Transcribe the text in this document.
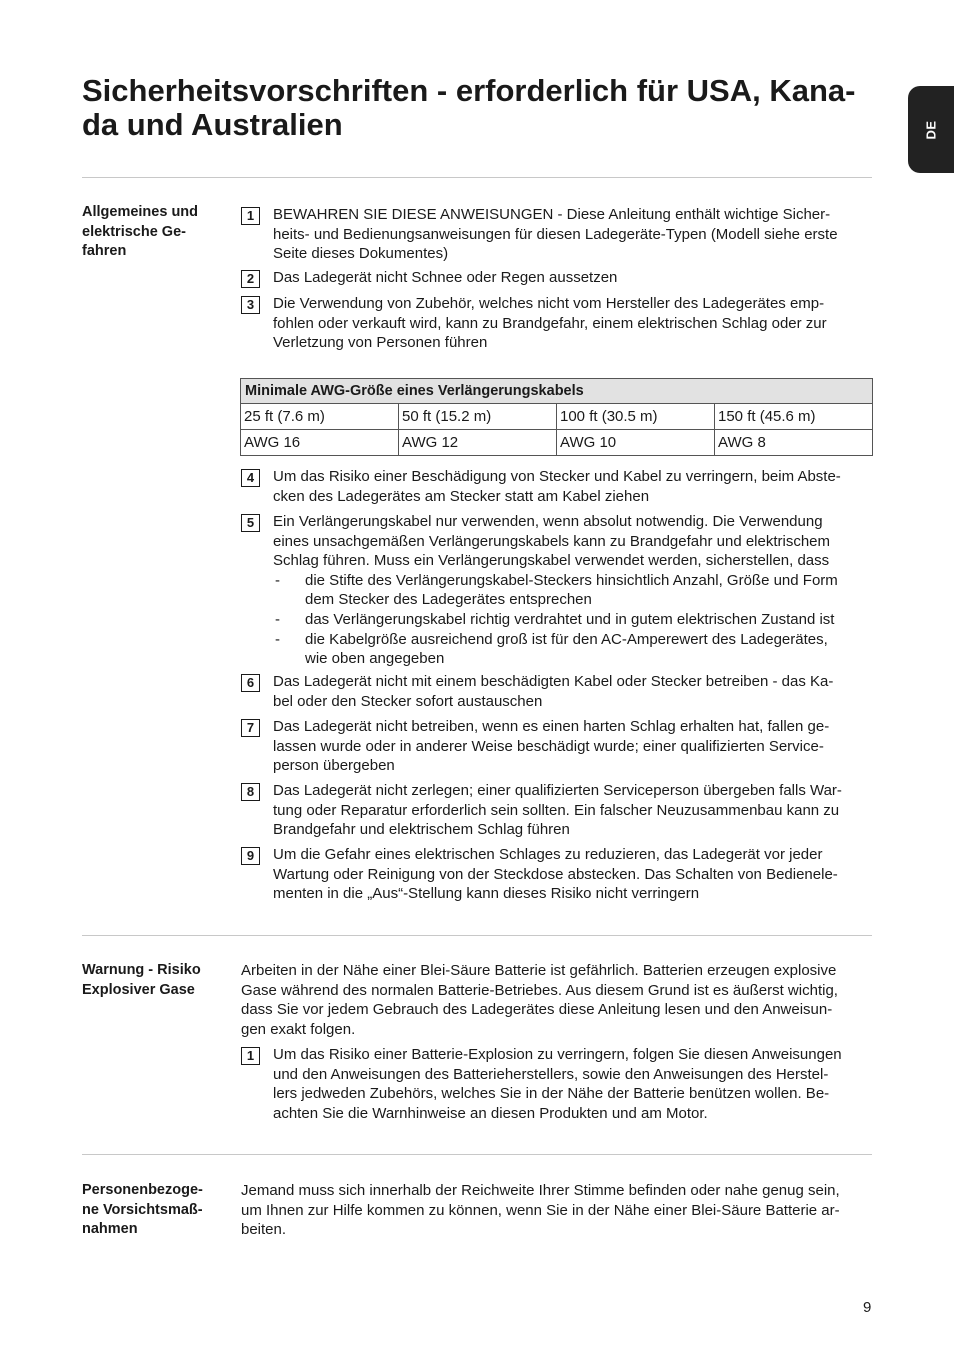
Sicherheitsvorschriften - erforderlich für USA, Kana-
da und Australien	DE
Allgemeines und
elektrische Ge-
fahren
1	BEWAHREN SIE DIESE ANWEISUNGEN - Diese Anleitung enthält wichtige Sicher-
heits- und Bedienungsanweisungen für diesen Ladegeräte-Typen (Modell siehe erste
Seite dieses Dokumentes)
2	Das Ladegerät nicht Schnee oder Regen aussetzen
3	Die Verwendung von Zubehör, welches nicht vom Hersteller des Ladegerätes emp-
fohlen oder verkauft wird, kann zu Brandgefahr, einem elektrischen Schlag oder zur
Verletzung von Personen führen
Minimale AWG-Größe eines Verlängerungskabels			
25 ft (7.6 m)	50 ft (15.2 m)	100 ft (30.5 m)	150 ft (45.6 m)
AWG 16	AWG 12	AWG 10	AWG 8
4	Um das Risiko einer Beschädigung von Stecker und Kabel zu verringern, beim Abste-
cken des Ladegerätes am Stecker statt am Kabel ziehen
5	Ein Verlängerungskabel nur verwenden, wenn absolut notwendig. Die Verwendung
eines unsachgemäßen Verlängerungskabels kann zu Brandgefahr und elektrischem
Schlag führen. Muss ein Verlängerungskabel verwendet werden, sicherstellen, dass
- die Stifte des Verlängerungskabel-Steckers hinsichtlich Anzahl, Größe und Form
dem Stecker des Ladegerätes entsprechen
- das Verlängerungskabel richtig verdrahtet und in gutem elektrischen Zustand ist
- die Kabelgröße ausreichend groß ist für den AC-Amperewert des Ladegerätes,
wie oben angegeben
6	Das Ladegerät nicht mit einem beschädigten Kabel oder Stecker betreiben - das Ka-
bel oder den Stecker sofort austauschen
7	Das Ladegerät nicht betreiben, wenn es einen harten Schlag erhalten hat, fallen ge-
lassen wurde oder in anderer Weise beschädigt wurde; einer qualifizierten Service-
person übergeben
8	Das Ladegerät nicht zerlegen; einer qualifizierten Serviceperson übergeben falls War-
tung oder Reparatur erforderlich sein sollten. Ein falscher Neuzusammenbau kann zu
Brandgefahr und elektrischem Schlag führen
9	Um die Gefahr eines elektrischen Schlages zu reduzieren, das Ladegerät vor jeder
Wartung oder Reinigung von der Steckdose abstecken. Das Schalten von Bedienele-
menten in die „Aus“-Stellung kann dieses Risiko nicht verringern
Warnung - Risiko
Explosiver Gase
Arbeiten in der Nähe einer Blei-Säure Batterie ist gefährlich. Batterien erzeugen explosive
Gase während des normalen Batterie-Betriebes. Aus diesem Grund ist es äußerst wichtig,
dass Sie vor jedem Gebrauch des Ladegerätes diese Anleitung lesen und den Anweisun-
gen exakt folgen.
1	Um das Risiko einer Batterie-Explosion zu verringern, folgen Sie diesen Anweisungen
und den Anweisungen des Batterieherstellers, sowie den Anweisungen des Herstel-
lers jedweden Zubehörs, welches Sie in der Nähe der Batterie benützen wollen. Be-
achten Sie die Warnhinweise an diesen Produkten und am Motor.
Personenbezoge-
ne Vorsichtsmaß-
nahmen
Jemand muss sich innerhalb der Reichweite Ihrer Stimme befinden oder nahe genug sein,
um Ihnen zur Hilfe kommen zu können, wenn Sie in der Nähe einer Blei-Säure Batterie ar-
beiten.
9
